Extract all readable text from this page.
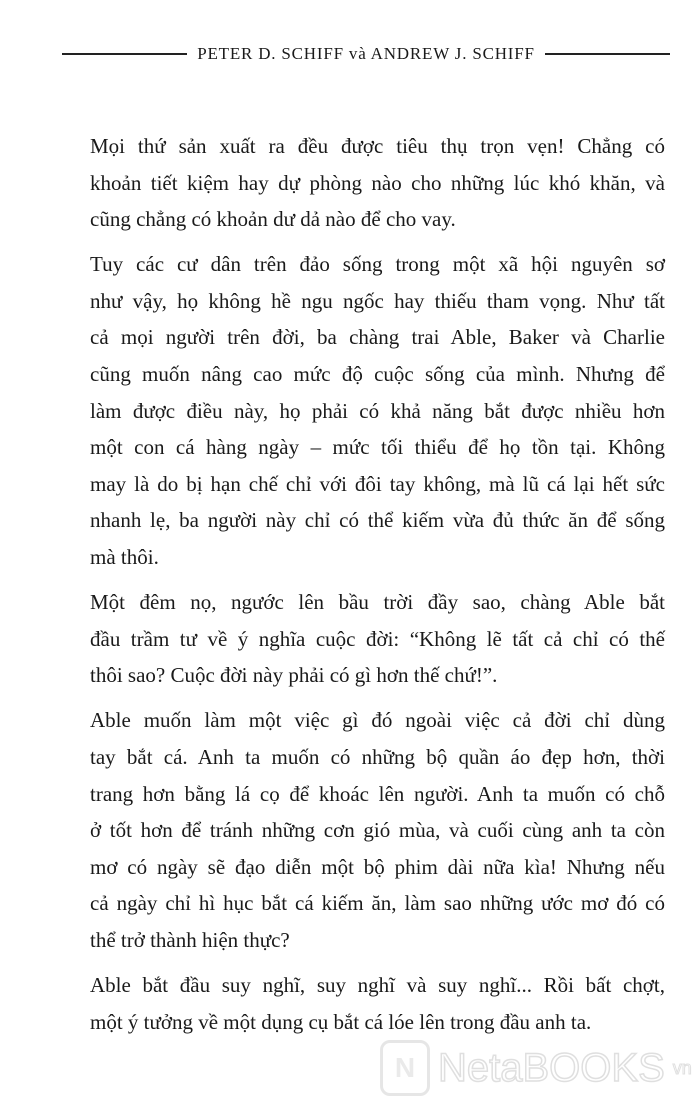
PETER D. SCHIFF và ANDREW J. SCHIFF
Mọi thứ sản xuất ra đều được tiêu thụ trọn vẹn! Chẳng có
khoản tiết kiệm hay dự phòng nào cho những lúc khó khăn, và
cũng chẳng có khoản dư dả nào để cho vay.
Tuy các cư dân trên đảo sống trong một xã hội nguyên sơ
như vậy, họ không hề ngu ngốc hay thiếu tham vọng. Như tất
cả mọi người trên đời, ba chàng trai Able, Baker và Charlie
cũng muốn nâng cao mức độ cuộc sống của mình. Nhưng để
làm được điều này, họ phải có khả năng bắt được nhiều hơn
một con cá hàng ngày – mức tối thiểu để họ tồn tại. Không
may là do bị hạn chế chỉ với đôi tay không, mà lũ cá lại hết sức
nhanh lẹ, ba người này chỉ có thể kiếm vừa đủ thức ăn để sống
mà thôi.
Một đêm nọ, ngước lên bầu trời đầy sao, chàng Able bắt
đầu trầm tư về ý nghĩa cuộc đời: “Không lẽ tất cả chỉ có thế
thôi sao? Cuộc đời này phải có gì hơn thế chứ!”.
Able muốn làm một việc gì đó ngoài việc cả đời chỉ dùng
tay bắt cá. Anh ta muốn có những bộ quần áo đẹp hơn, thời
trang hơn bằng lá cọ để khoác lên người. Anh ta muốn có chỗ
ở tốt hơn để tránh những cơn gió mùa, và cuối cùng anh ta còn
mơ có ngày sẽ đạo diễn một bộ phim dài nữa kìa! Nhưng nếu
cả ngày chỉ hì hục bắt cá kiếm ăn, làm sao những ước mơ đó có
thể trở thành hiện thực?
Able bắt đầu suy nghĩ, suy nghĩ và suy nghĩ... Rồi bất chợt,
một ý tưởng về một dụng cụ bắt cá lóe lên trong đầu anh ta.
N NetaBOOKS vn
